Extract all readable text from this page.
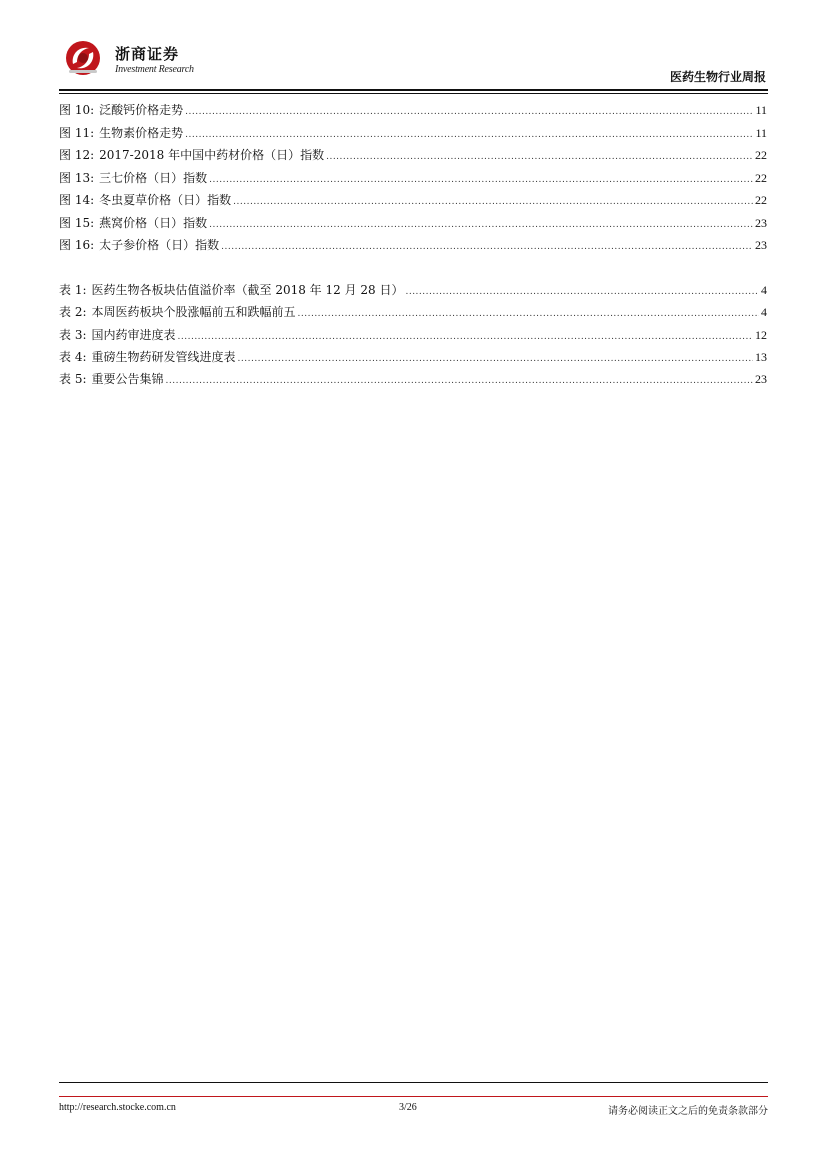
浙商证券
Investment Research
医药生物行业周报
图 10: 泛酸钙价格走势 .....	11
图 11: 生物素价格走势 .....	11
图 12: 2017-2018 年中国中药材价格（日）指数 .....	22
图 13: 三七价格（日）指数 .....	22
图 14: 冬虫夏草价格（日）指数 .....	22
图 15: 燕窝价格（日）指数 .....	23
图 16: 太子参价格（日）指数 .....	23
表 1: 医药生物各板块估值溢价率（截至 2018 年 12 月 28 日） .....	4
表 2: 本周医药板块个股涨幅前五和跌幅前五 .....	4
表 3: 国内药审进度表 .....	12
表 4: 重磅生物药研发管线进度表 .....	13
表 5: 重要公告集锦 .....	23
http://research.stocke.com.cn	3/26	请务必阅读正文之后的免责条款部分
